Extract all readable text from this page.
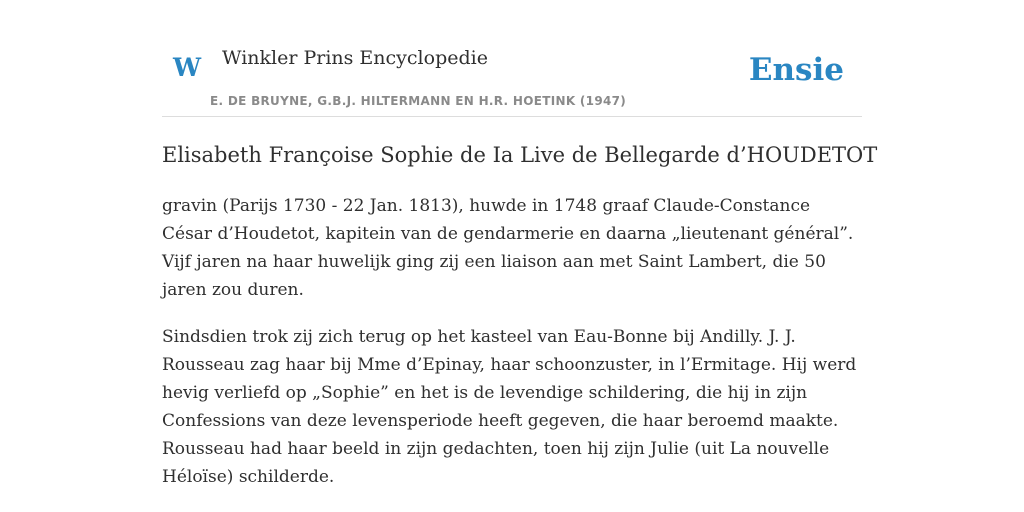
W Winkler Prins Encyclopedie
E. DE BRUYNE, G.B.J. HILTERMANN EN H.R. HOETINK (1947)
Ensie
Elisabeth Françoise Sophie de Ia Live de Bellegarde d’HOUDETOT

gravin (Parijs 1730 - 22 Jan. 1813), huwde in 1748 graaf Claude-Constance César d’Houdetot, kapitein van de gendarmerie en daarna „lieutenant général”. Vijf jaren na haar huwelijk ging zij een liaison aan met Saint Lambert, die 50 jaren zou duren.

Sindsdien trok zij zich terug op het kasteel van Eau-Bonne bij Andilly. J. J. Rousseau zag haar bij Mme d’Epinay, haar schoonzuster, in l’Ermitage. Hij werd hevig verliefd op „Sophie” en het is de levendige schildering, die hij in zijn Confessions van deze levensperiode heeft gegeven, die haar beroemd maakte. Rousseau had haar beeld in zijn gedachten, toen hij zijn Julie (uit La nouvelle Héloïse) schilderde.
